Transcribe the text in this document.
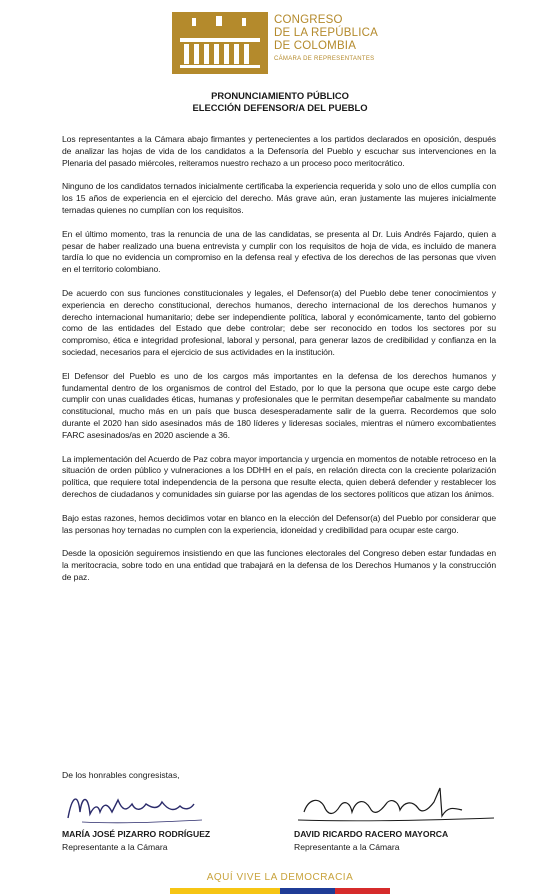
CONGRESO
DE LA REPÚBLICA
DE COLOMBIA
CÁMARA DE REPRESENTANTES
PRONUNCIAMIENTO PÚBLICO
ELECCIÓN DEFENSOR/A DEL PUEBLO

Los representantes a la Cámara abajo firmantes y pertenecientes a los partidos declarados en oposición, después de analizar las hojas de vida de los candidatos a la Defensoría del Pueblo y escuchar sus intervenciones en la Plenaria del pasado miércoles, reiteramos nuestro rechazo a un proceso poco meritocrático.

Ninguno de los candidatos ternados inicialmente certificaba la experiencia requerida y solo uno de ellos cumplía con los 15 años de experiencia en el ejercicio del derecho. Más grave aún, eran justamente las mujeres inicialmente ternadas quienes no cumplían con los requisitos.

En el último momento, tras la renuncia de una de las candidatas, se presenta al Dr. Luis Andrés Fajardo, quien a pesar de haber realizado una buena entrevista y cumplir con los requisitos de hoja de vida, es incluido de manera tardía lo que no evidencia un compromiso en la defensa real y efectiva de los derechos de las personas que viven en el territorio colombiano.

De acuerdo con sus funciones constitucionales y legales, el Defensor(a) del Pueblo debe tener conocimientos y experiencia en derecho constitucional, derechos humanos, derecho internacional de los derechos humanos y derecho internacional humanitario; debe ser independiente política, laboral y económicamente, tanto del gobierno como de las entidades del Estado que debe controlar; debe ser reconocido en todos los sectores por su compromiso, ética e integridad profesional, laboral y personal, para generar lazos de credibilidad y confianza en la sociedad, necesarios para el ejercicio de sus actividades en la institución.

El Defensor del Pueblo es uno de los cargos más importantes en la defensa de los derechos humanos y fundamental dentro de los organismos de control del Estado, por lo que la persona que ocupe este cargo debe cumplir con unas cualidades éticas, humanas y profesionales que le permitan desempeñar cabalmente su mandato constitucional, mucho más en un país que busca desesperadamente salir de la guerra. Recordemos que solo durante el 2020 han sido asesinados más de 180 líderes y lideresas sociales, mientras el número excombatientes FARC asesinados/as en 2020 asciende a 36.

La implementación del Acuerdo de Paz cobra mayor importancia y urgencia en momentos de notable retroceso en la situación de orden público y vulneraciones a los DDHH en el país, en relación directa con la creciente polarización política, que requiere total independencia de la persona que resulte electa, quien deberá defender y restablecer los derechos de ciudadanos y comunidades sin guiarse por las agendas de los sectores políticos que atizan los ánimos.

Bajo estas razones, hemos decidimos votar en blanco en la elección del Defensor(a) del Pueblo por considerar que las personas hoy ternadas no cumplen con la experiencia, idoneidad y credibilidad para ocupar este cargo.

Desde la oposición seguiremos insistiendo en que las funciones electorales del Congreso deben estar fundadas en la meritocracia, sobre todo en una entidad que trabajará en la defensa de los Derechos Humanos y la construcción de paz.

De los honrables congresistas,
MARÍA JOSÉ PIZARRO RODRÍGUEZ
Representante a la Cámara
DAVID RICARDO RACERO MAYORCA
Representante a la Cámara
AQUÍ VIVE LA DEMOCRACIA
